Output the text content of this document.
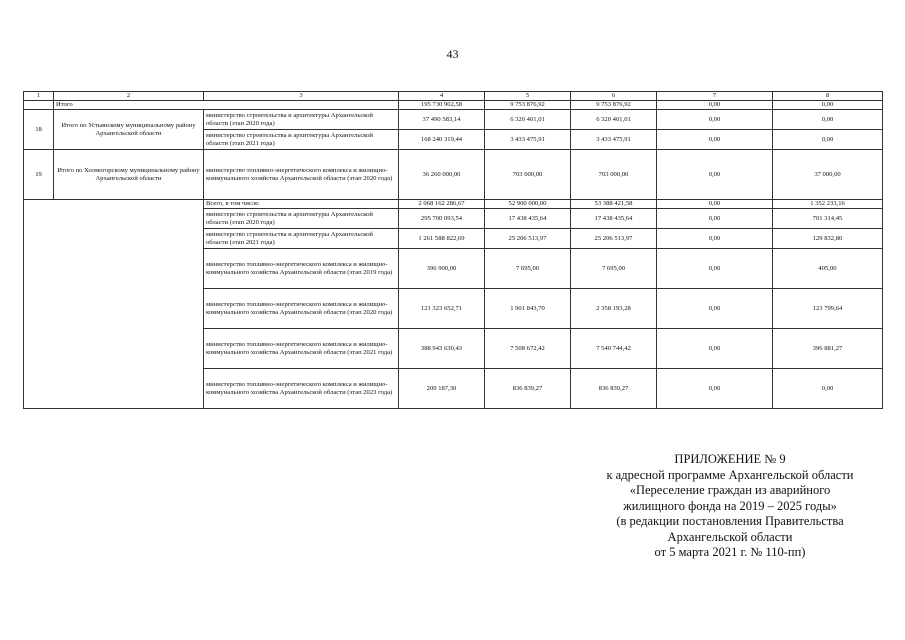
43
1	2	3	4	5	6	7	8
	Итого		195 730 902,58	9 753 876,92	9 753 876,92	0,00	0,00
18	Итого по Устьянскому муниципальному району Архангельской области	министерство строительства и архитектуры Архангельской области (этап 2020 года)	37 490 583,14	6 320 401,01	6 320 401,01	0,00	0,00
		министерство строительства и архитектуры Архангельской области (этап 2021 года)	168 240 319,44	3 433 475,91	3 433 475,91	0,00	0,00
19	Итого по Холмогорскому муниципальному району Архангельской области	министерство топливно-энергетического комплекса и жилищно-коммунального хозяйства Архангельской области (этап 2020 года)	36 260 000,00	703 000,00	703 000,00	0,00	37 000,00
		Всего, в том числе:	2 068 162 286,67	52 900 000,00	53 388 421,58	0,00	1 352 233,16
		министерство строительства и архитектуры Архангельской области (этап 2020 года)	295 700 093,54	17 438 435,64	17 438 435,64	0,00	701 314,45
		министерство строительства и архитектуры Архангельской области (этап 2021 года)	1 261 588 822,69	25 206 513,97	25 206 513,97	0,00	129 832,80
		министерство топливно-энергетического комплекса и жилищно-коммунального хозяйства Архангельской области (этап 2019 года)	396 900,00	7 695,00	7 695,00	0,00	405,00
		министерство топливно-энергетического комплекса и жилищно-коммунального хозяйства Архангельской области (этап 2020 года)	121 323 652,71	1 901 843,70	2 358 193,28	0,00	123 799,64
		министерство топливно-энергетического комплекса и жилищно-коммунального хозяйства Архангельской области (этап 2021 года)	388 943 630,43	7 508 672,42	7 540 744,42	0,00	396 881,27
		министерство топливно-энергетического комплекса и жилищно-коммунального хозяйства Архангельской области (этап 2023 года)	209 187,30	836 839,27	836 839,27	0,00	0,00
ПРИЛОЖЕНИЕ № 9
к адресной программе Архангельской области
«Переселение граждан из аварийного
жилищного фонда на 2019 – 2025 годы»
(в редакции постановления Правительства
Архангельской области
от 5 марта 2021 г. № 110-пп)
